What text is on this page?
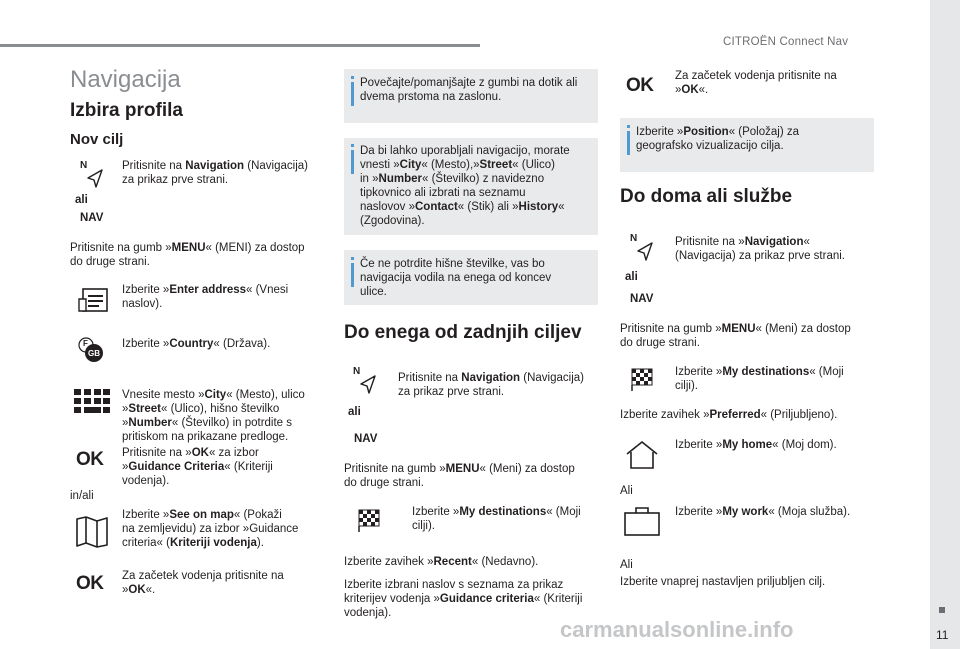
CITROËN Connect Nav
11
carmanualsonline.info
Navigacija
Izbira profila
Nov cilj
N
ali
NAV
Pritisnite na Navigation (Navigacija)
za prikaz prve strani.
Pritisnite na gumb »MENU« (MENI) za dostop
do druge strani.
Izberite »Enter address« (Vnesi
naslov).
F
GB
Izberite »Country« (Država).
Vnesite mesto »City« (Mesto), ulico
»Street« (Ulico), hišno številko
»Number« (Številko) in potrdite s
pritiskom na prikazane predloge.
OK Pritisnite na »OK« za izbor
»Guidance Criteria« (Kriteriji
vodenja).
in/ali
Izberite »See on map« (Pokaži
na zemljevidu) za izbor »Guidance
criteria« (Kriteriji vodenja).
OK Za začetek vodenja pritisnite na
»OK«.
Povečajte/pomanjšajte z gumbi na dotik ali
dvema prstoma na zaslonu.
Da bi lahko uporabljali navigacijo, morate
vnesti »City« (Mesto),»Street« (Ulico)
in »Number« (Številko) z navidezno
tipkovnico ali izbrati na seznamu
naslovov »Contact« (Stik) ali »History«
(Zgodovina).
Če ne potrdite hišne številke, vas bo
navigacija vodila na enega od koncev
ulice.
Do enega od zadnjih ciljev
N
ali
NAV
Pritisnite na Navigation (Navigacija)
za prikaz prve strani.
Pritisnite na gumb »MENU« (Meni) za dostop
do druge strani.
Izberite »My destinations« (Moji
cilji).
Izberite zavihek »Recent« (Nedavno).
Izberite izbrani naslov s seznama za prikaz
kriterijev vodenja »Guidance criteria« (Kriteriji
vodenja).
OK Za začetek vodenja pritisnite na
»OK«.
Izberite »Position« (Položaj) za
geografsko vizualizacijo cilja.
Do doma ali službe
N
ali
NAV
Pritisnite na »Navigation«
(Navigacija) za prikaz prve strani.
Pritisnite na gumb »MENU« (Meni) za dostop
do druge strani.
Izberite »My destinations« (Moji
cilji).
Izberite zavihek »Preferred« (Priljubljeno).
Izberite »My home« (Moj dom).
Ali
Izberite »My work« (Moja služba).
Ali
Izberite vnaprej nastavljen priljubljen cilj.
